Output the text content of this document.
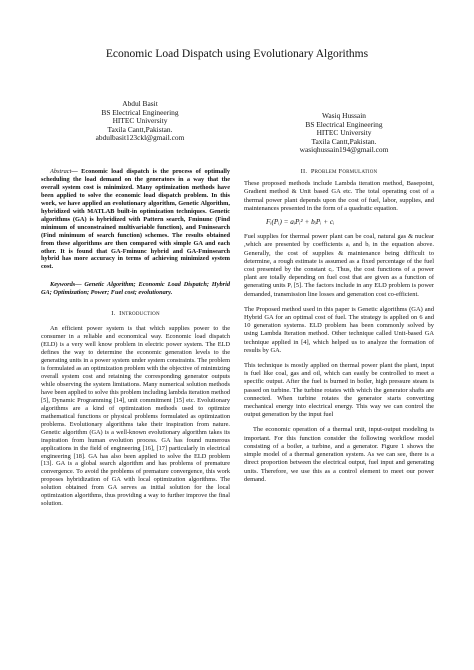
Economic Load Dispatch using Evolutionary Algorithms
Abdul Basit
BS Electrical Engineering
HITEC University
Taxila Cantt,Pakistan.
abdulbasit123ckl@gmail.com
Wasiq Hussain
BS Electrical Engineering
HITEC University
Taxila Cantt,Pakistan.
wasiqhussain194@gmail.com

Abstract— Economic load dispatch is the process of optimally scheduling the load demand on the generators in a way that the overall system cost is minimized. Many optimization methods have been applied to solve the economic load dispatch problem. In this work, we have applied an evolutionary algorithm, Genetic Algorithm, hybridized with MATLAB built-in optimization techniques. Genetic algorithms (GA) is hybridized with Pattern search, Fminunc (Find minimum of unconstrained multivariable function), and Fminsearch (Find minimum of search function) schemes. The results obtained from these algorithms are then compared with simple GA and each other. It is found that GA-Fminunc hybrid and GA-Fminsearch hybrid has more accuracy in terms of achieving minimized system cost.

Keywords— Genetic Algorithm; Economic Load Dispatch; Hybrid GA; Optimization; Power; Fuel cost; evolutionary.

I. Introduction

An efficient power system is that which supplies power to the consumer in a reliable and economical way. Economic load dispatch (ELD) is a very well know problem in electric power system. The ELD defines the way to determine the economic generation levels to the generating units in a power system under system constraints. The problem is formulated as an optimization problem with the objective of minimizing overall system cost and retaining the corresponding generator outputs while observing the system limitations. Many numerical solution methods have been applied to solve this problem including lambda iteration method [5], Dynamic Programming [14], unit commitment [15] etc. Evolutionary algorithms are a kind of optimization methods used to optimize mathematical functions or physical problems formulated as optimization problems. Evolutionary algorithms take their inspiration from nature. Genetic algorithm (GA) is a well-known evolutionary algorithm takes its inspiration from human evolution process. GA has found numerous applications in the field of engineering [16], [17] particularly in electrical engineering [18]. GA has also been applied to solve the ELD problem [13]. GA is a global search algorithm and has problems of premature convergence. To avoid the problems of premature convergence, this work proposes hybridization of GA with local optimization algorithms. The solution obtained from GA serves as initial solution for the local optimization algorithms, thus providing a way to further improve the final solution.

II. Problem Formulation

These proposed methods include Lambda iteration method, Basepoint, Gradient method & Unit based GA etc. The total operating cost of a thermal power plant depends upon the cost of fuel, labor, supplies, and maintenances presented in the form of a quadratic equation.

Fᵢ(Pᵢ) = aᵢPᵢ² + bᵢPᵢ + cᵢ

Fuel supplies for thermal power plant can be coal, natural gas & nuclear ,which are presented by coefficients aᵢ and bᵢ in the equation above. Generally, the cost of supplies & maintenance being difficult to determine, a rough estimate is assumed as a fixed percentage of the fuel cost presented by the constant cᵢ. Thus, the cost functions of a power plant are totally depending on fuel cost that are given as a function of generating units Pᵢ [5]. The factors include in any ELD problem is power demanded, transmission line losses and generation cost co-efficient.

The Proposed method used in this paper is Genetic algorithms (GA) and Hybrid GA for an optimal cost of fuel. The strategy is applied on 6 and 10 generation systems. ELD problem has been commonly solved by using Lambda Iteration method. Other technique called Unit-based GA technique applied in [4], which helped us to analyze the formation of results by GA.

This technique is mostly applied on thermal power plant the plant, input is fuel like coal, gas and oil, which can easily be controlled to meet a specific output. After the fuel is burned in boiler, high pressure steam is passed on turbine. The turbine rotates with which the generator shafts are connected. When turbine rotates the generator starts converting mechanical energy into electrical energy. This way we can control the output generation by the input fuel

The economic operation of a thermal unit, input-output modeling is important. For this function consider the following workflow model consisting of a boiler, a turbine, and a generator. Figure 1 shows the simple model of a thermal generation system. As we can see, there is a direct proportion between the electrical output, fuel input and generating units. Therefore, we use this as a control element to meet our power demand.
